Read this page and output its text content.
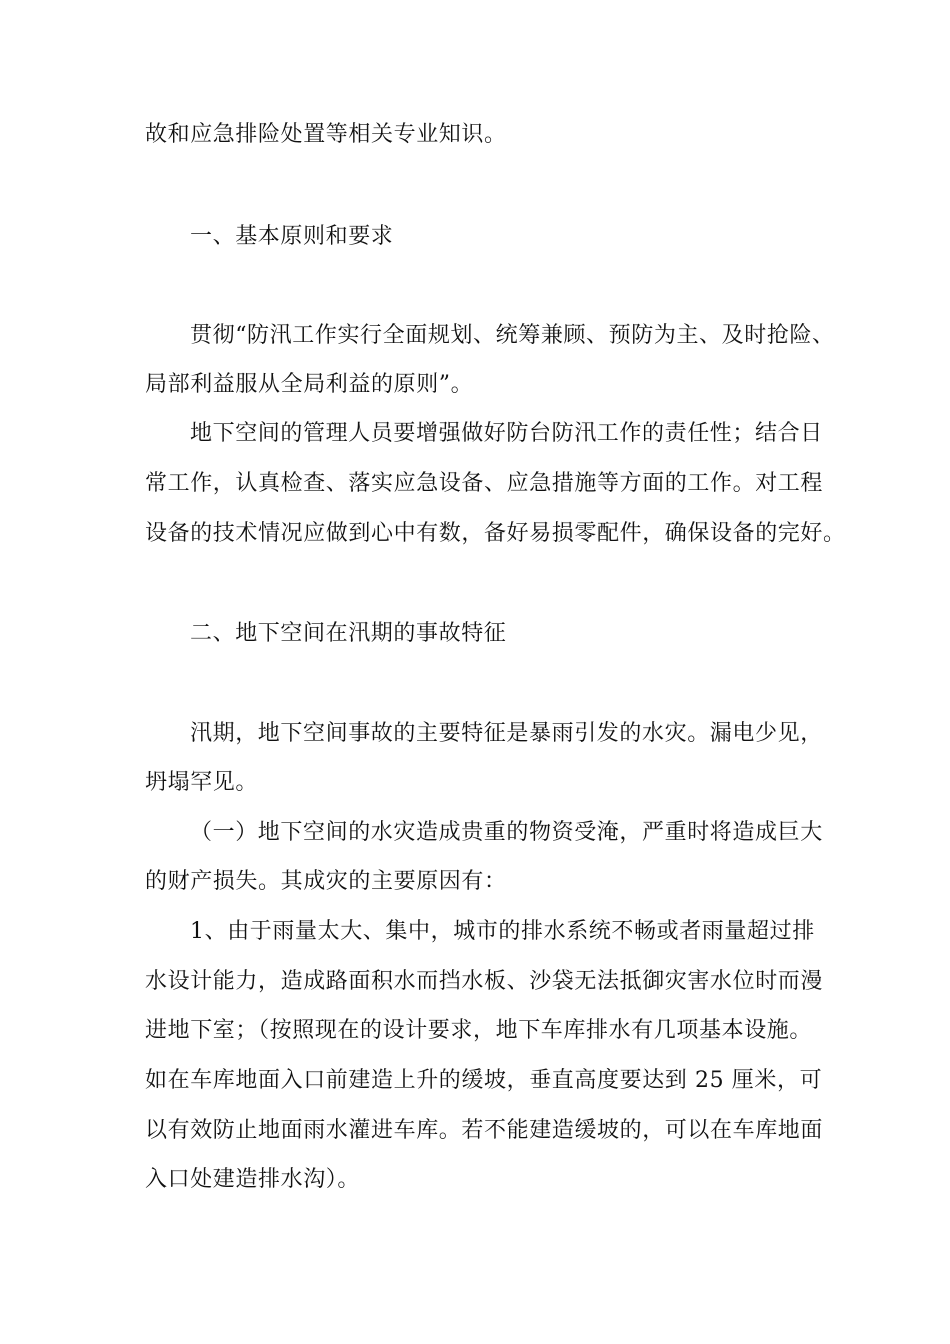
故和应急排险处置等相关专业知识。
一、基本原则和要求
贯彻“防汛工作实行全面规划、统筹兼顾、预防为主、及时抢险、
局部利益服从全局利益的原则”。
地下空间的管理人员要增强做好防台防汛工作的责任性；结合日
常工作，认真检查、落实应急设备、应急措施等方面的工作。对工程
设备的技术情况应做到心中有数，备好易损零配件，确保设备的完好。
二、地下空间在汛期的事故特征
汛期，地下空间事故的主要特征是暴雨引发的水灾。漏电少见，
坍塌罕见。
（一）地下空间的水灾造成贵重的物资受淹，严重时将造成巨大
的财产损失。其成灾的主要原因有：
1、由于雨量太大、集中，城市的排水系统不畅或者雨量超过排
水设计能力，造成路面积水而挡水板、沙袋无法抵御灾害水位时而漫
进地下室；（按照现在的设计要求，地下车库排水有几项基本设施。
如在车库地面入口前建造上升的缓坡，垂直高度要达到 25 厘米，可
以有效防止地面雨水灌进车库。若不能建造缓坡的，可以在车库地面
入口处建造排水沟）。
